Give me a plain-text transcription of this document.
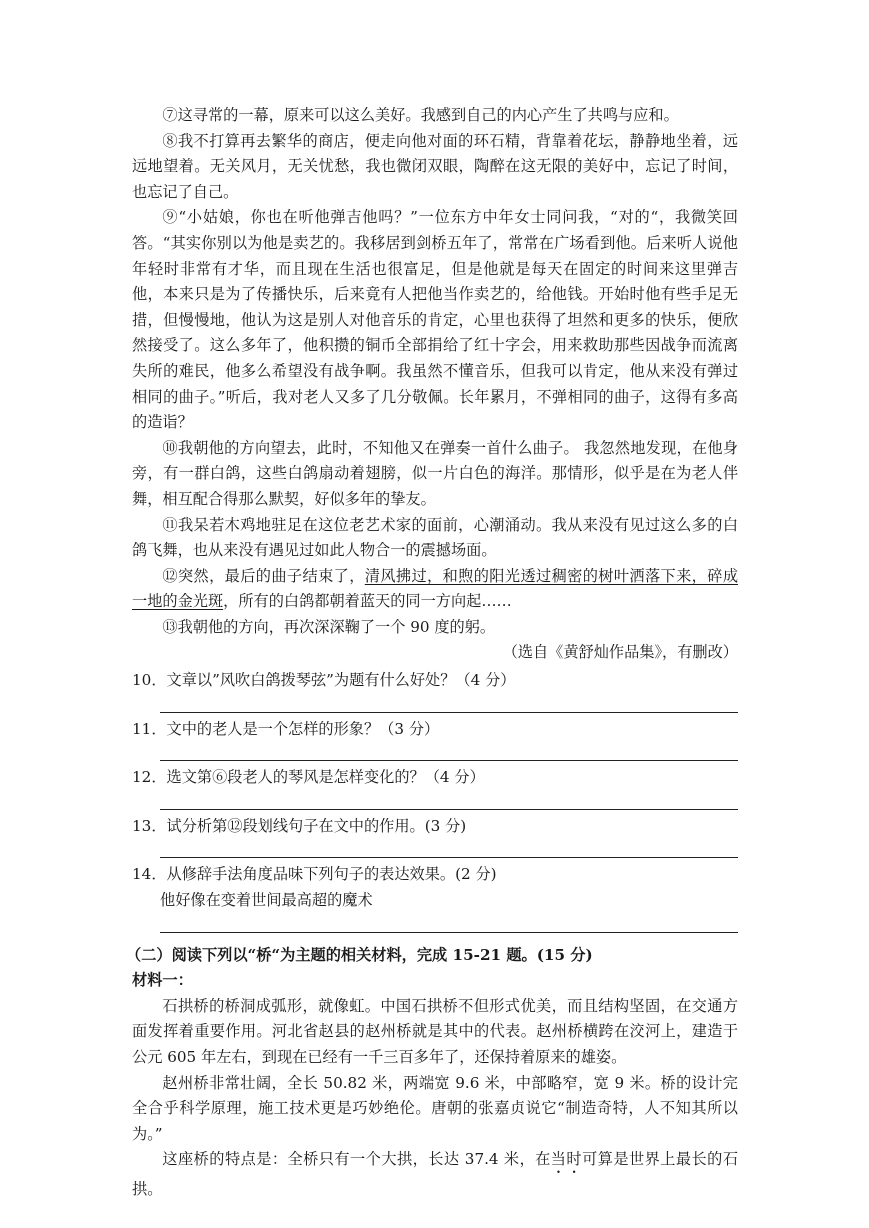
⑦这寻常的一幕，原来可以这么美好。我感到自己的内心产生了共鸣与应和。

⑧我不打算再去繁华的商店，便走向他对面的环石精，背靠着花坛，静静地坐着，远远地望着。无关风月，无关忧愁，我也微闭双眼，陶醉在这无限的美好中，忘记了时间，也忘记了自己。

⑨“小姑娘，你也在听他弹吉他吗？”一位东方中年女士同问我，“对的“，我微笑回答。“其实你别以为他是卖艺的。我移居到剑桥五年了，常常在广场看到他。后来听人说他年轻时非常有才华，而且现在生活也很富足，但是他就是每天在固定的时间来这里弹吉他，本来只是为了传播快乐，后来竟有人把他当作卖艺的，给他钱。开始时他有些手足无措，但慢慢地，他认为这是别人对他音乐的肯定，心里也获得了坦然和更多的快乐，便欣然接受了。这么多年了，他积攒的铜币全部捐给了红十字会，用来救助那些因战争而流离失所的难民，他多么希望没有战争啊。我虽然不懂音乐，但我可以肯定，他从来没有弹过相同的曲子。”听后，我对老人又多了几分敬佩。长年累月，不弹相同的曲子，这得有多高的造诣？

⑩我朝他的方向望去，此时，不知他又在弹奏一首什么曲子。 我忽然地发现，在他身旁，有一群白鸽，这些白鸽扇动着翅膀，似一片白色的海洋。那情形，似乎是在为老人伴舞，相互配合得那么默契，好似多年的挚友。

⑪我呆若木鸡地驻足在这位老艺术家的面前，心潮涌动。我从来没有见过这么多的白鸽飞舞，也从来没有遇见过如此人物合一的震撼场面。

⑫突然，最后的曲子结束了，清风拂过，和煦的阳光透过稠密的树叶洒落下来，碎成一地的金光斑，所有的白鸽都朝着蓝天的同一方向起……

⑬我朝他的方向，再次深深鞠了一个 90 度的躬。

（选自《黄舒灿作品集》，有删改）

10．文章以”风吹白鸽拨琴弦”为题有什么好处？（4 分）

11．文中的老人是一个怎样的形象？（3 分）

12．选文第⑥段老人的琴风是怎样变化的？（4 分）

13．试分析第⑫段划线句子在文中的作用。(3 分)

14．从修辞手法角度品味下列句子的表达效果。(2 分)

他好像在变着世间最高超的魔术

（二）阅读下列以“桥“为主题的相关材料，完成 15-21 题。(15 分)

材料一：

石拱桥的桥洞成弧形，就像虹。中国石拱桥不但形式优美，而且结构坚固，在交通方面发挥着重要作用。河北省赵县的赵州桥就是其中的代表。赵州桥横跨在洨河上，建造于公元 605 年左右，到现在已经有一千三百多年了，还保持着原来的雄姿。

赵州桥非常壮阔，全长 50.82 米，两端宽 9.6 米，中部略窄，宽 9 米。桥的设计完全合乎科学原理，施工技术更是巧妙绝伦。唐朝的张嘉贞说它“制造奇特，人不知其所以为。”

这座桥的特点是：全桥只有一个大拱，长达 37.4 米，在当时可算是世界上最长的石拱。
